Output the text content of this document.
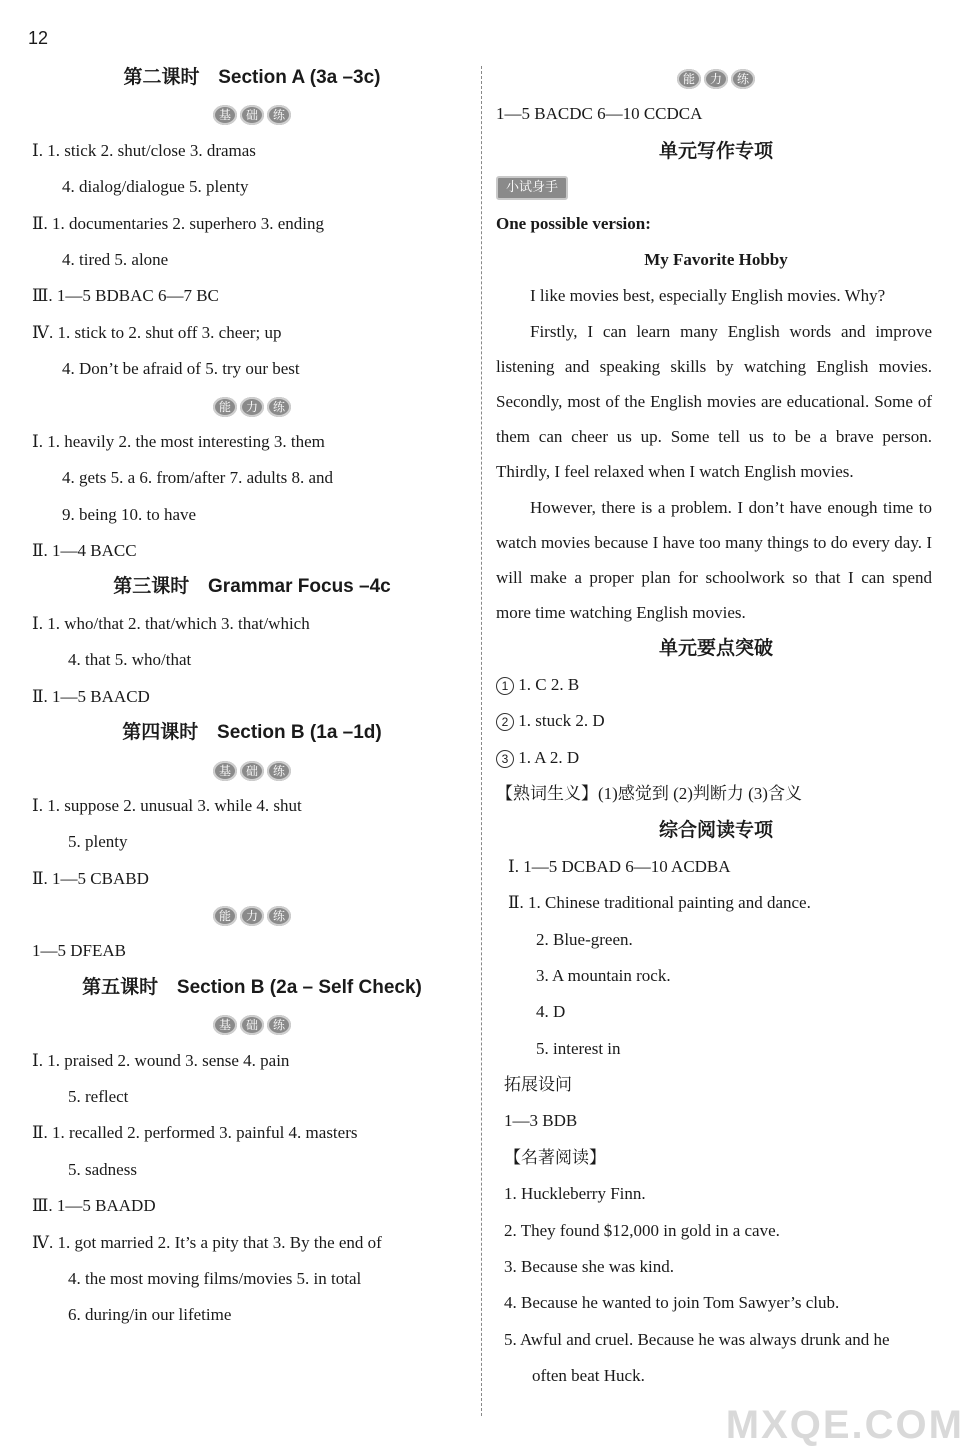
12
第二课时 Section A (3a –3c)
基	础	练
Ⅰ. 1. stick 2. shut/close 3. dramas
4. dialog/dialogue 5. plenty
Ⅱ. 1. documentaries 2. superhero 3. ending
4. tired 5. alone
Ⅲ. 1—5 BDBAC 6—7 BC
Ⅳ. 1. stick to 2. shut off 3. cheer; up
4. Don’t be afraid of 5. try our best
能	力	练
Ⅰ. 1. heavily 2. the most interesting 3. them
4. gets 5. a 6. from/after 7. adults 8. and
9. being 10. to have
Ⅱ. 1—4 BACC
第三课时 Grammar Focus –4c
Ⅰ. 1. who/that 2. that/which 3. that/which
4. that 5. who/that
Ⅱ. 1—5 BAACD
第四课时 Section B (1a –1d)
基	础	练
Ⅰ. 1. suppose 2. unusual 3. while 4. shut
5. plenty
Ⅱ. 1—5 CBABD
能	力	练
1—5 DFEAB
第五课时 Section B (2a – Self Check)
基	础	练
Ⅰ. 1. praised 2. wound 3. sense 4. pain
5. reflect
Ⅱ. 1. recalled 2. performed 3. painful 4. masters
5. sadness
Ⅲ. 1—5 BAADD
Ⅳ. 1. got married 2. It’s a pity that 3. By the end of
4. the most moving films/movies 5. in total
6. during/in our lifetime
能	力	练
1—5 BACDC 6—10 CCDCA
单元写作专项
小试身手
One possible version:
My Favorite Hobby

I like movies best, especially English movies. Why?

Firstly, I can learn many English words and improve listening and speaking skills by watching English movies. Secondly, most of the English movies are educational. Some of them can cheer us up. Some tell us to be a brave person. Thirdly, I feel relaxed when I watch English movies.

However, there is a problem. I don’t have enough time to watch movies because I have too many things to do every day. I will make a proper plan for schoolwork so that I can spend more time watching English movies.

单元要点突破
1 1. C 2. B
2 1. stuck 2. D
3 1. A 2. D
【熟词生义】(1)感觉到 (2)判断力 (3)含义
综合阅读专项
Ⅰ. 1—5 DCBAD 6—10 ACDBA
Ⅱ. 1. Chinese traditional painting and dance.
2. Blue-green.
3. A mountain rock.
4. D
5. interest in
拓展设问
1—3 BDB
【名著阅读】
1. Huckleberry Finn.
2. They found $12,000 in gold in a cave.
3. Because she was kind.
4. Because he wanted to join Tom Sawyer’s club.
5. Awful and cruel. Because he was always drunk and he
often beat Huck.
MXQE.COM
